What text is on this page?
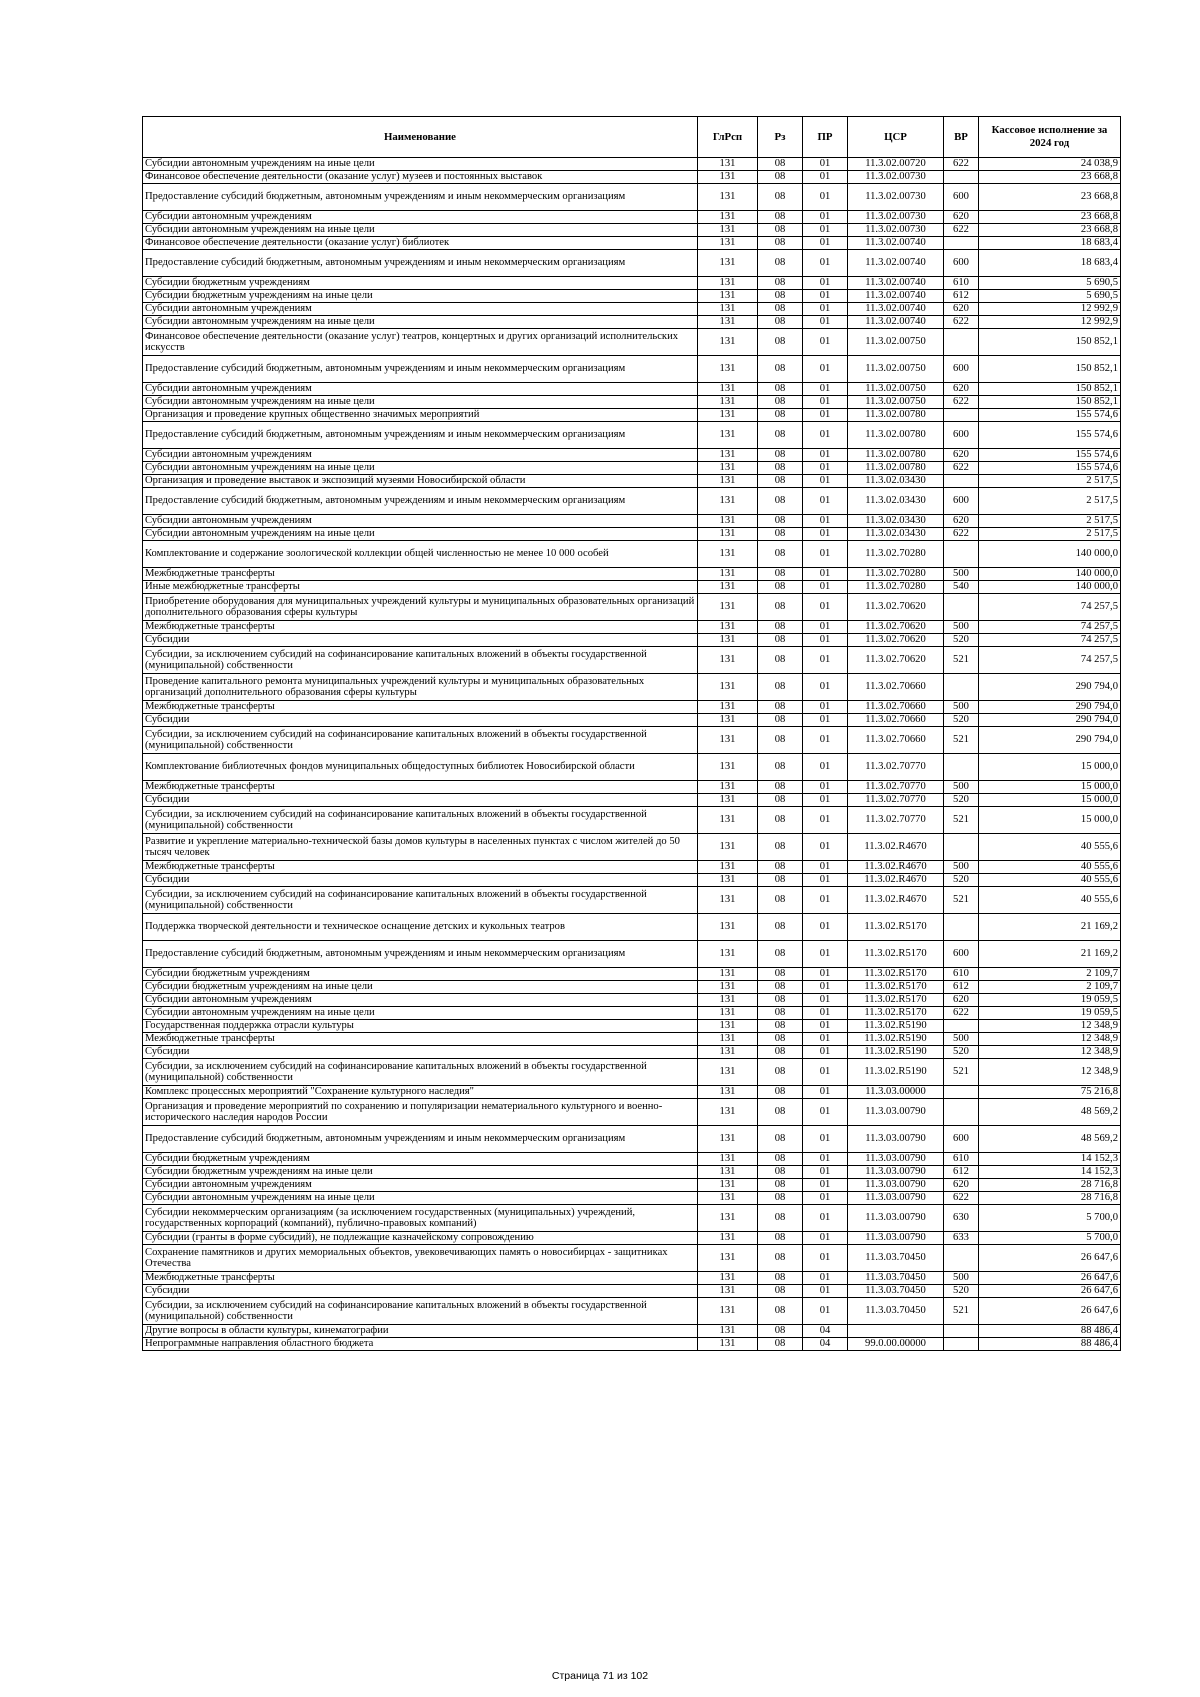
Наименование	ГлРсп	Рз	ПР	ЦСР	ВР	Кассовое исполнение за 2024 год
Субсидии автономным учреждениям на иные цели	131	08	01	11.3.02.00720	622	24 038,9
Финансовое обеспечение деятельности (оказание услуг) музеев и постоянных выставок	131	08	01	11.3.02.00730		23 668,8
Предоставление субсидий бюджетным, автономным учреждениям и иным некоммерческим организациям	131	08	01	11.3.02.00730	600	23 668,8
Субсидии автономным учреждениям	131	08	01	11.3.02.00730	620	23 668,8
Субсидии автономным учреждениям на иные цели	131	08	01	11.3.02.00730	622	23 668,8
Финансовое обеспечение деятельности (оказание услуг) библиотек	131	08	01	11.3.02.00740		18 683,4
Предоставление субсидий бюджетным, автономным учреждениям и иным некоммерческим организациям	131	08	01	11.3.02.00740	600	18 683,4
Субсидии бюджетным учреждениям	131	08	01	11.3.02.00740	610	5 690,5
Субсидии бюджетным учреждениям на иные цели	131	08	01	11.3.02.00740	612	5 690,5
Субсидии автономным учреждениям	131	08	01	11.3.02.00740	620	12 992,9
Субсидии автономным учреждениям на иные цели	131	08	01	11.3.02.00740	622	12 992,9
Финансовое обеспечение деятельности (оказание услуг) театров, концертных и других организаций исполнительских искусств	131	08	01	11.3.02.00750		150 852,1
Предоставление субсидий бюджетным, автономным учреждениям и иным некоммерческим организациям	131	08	01	11.3.02.00750	600	150 852,1
Субсидии автономным учреждениям	131	08	01	11.3.02.00750	620	150 852,1
Субсидии автономным учреждениям на иные цели	131	08	01	11.3.02.00750	622	150 852,1
Организация и проведение крупных общественно значимых мероприятий	131	08	01	11.3.02.00780		155 574,6
Предоставление субсидий бюджетным, автономным учреждениям и иным некоммерческим организациям	131	08	01	11.3.02.00780	600	155 574,6
Субсидии автономным учреждениям	131	08	01	11.3.02.00780	620	155 574,6
Субсидии автономным учреждениям на иные цели	131	08	01	11.3.02.00780	622	155 574,6
Организация и проведение выставок и экспозиций музеями Новосибирской области	131	08	01	11.3.02.03430		2 517,5
Предоставление субсидий бюджетным, автономным учреждениям и иным некоммерческим организациям	131	08	01	11.3.02.03430	600	2 517,5
Субсидии автономным учреждениям	131	08	01	11.3.02.03430	620	2 517,5
Субсидии автономным учреждениям на иные цели	131	08	01	11.3.02.03430	622	2 517,5
Комплектование и содержание зоологической коллекции общей численностью не менее 10 000 особей	131	08	01	11.3.02.70280		140 000,0
Межбюджетные трансферты	131	08	01	11.3.02.70280	500	140 000,0
Иные межбюджетные трансферты	131	08	01	11.3.02.70280	540	140 000,0
Приобретение оборудования для муниципальных учреждений культуры и муниципальных образовательных организаций дополнительного образования сферы культуры	131	08	01	11.3.02.70620		74 257,5
Межбюджетные трансферты	131	08	01	11.3.02.70620	500	74 257,5
Субсидии	131	08	01	11.3.02.70620	520	74 257,5
Субсидии, за исключением субсидий на софинансирование капитальных вложений в объекты государственной (муниципальной) собственности	131	08	01	11.3.02.70620	521	74 257,5
Проведение капитального ремонта муниципальных учреждений культуры и муниципальных образовательных организаций дополнительного образования сферы культуры	131	08	01	11.3.02.70660		290 794,0
Межбюджетные трансферты	131	08	01	11.3.02.70660	500	290 794,0
Субсидии	131	08	01	11.3.02.70660	520	290 794,0
Субсидии, за исключением субсидий на софинансирование капитальных вложений в объекты государственной (муниципальной) собственности	131	08	01	11.3.02.70660	521	290 794,0
Комплектование библиотечных фондов муниципальных общедоступных библиотек Новосибирской области	131	08	01	11.3.02.70770		15 000,0
Межбюджетные трансферты	131	08	01	11.3.02.70770	500	15 000,0
Субсидии	131	08	01	11.3.02.70770	520	15 000,0
Субсидии, за исключением субсидий на софинансирование капитальных вложений в объекты государственной (муниципальной) собственности	131	08	01	11.3.02.70770	521	15 000,0
Развитие и укрепление материально-технической базы домов культуры в населенных пунктах с числом жителей до 50 тысяч человек	131	08	01	11.3.02.R4670		40 555,6
Межбюджетные трансферты	131	08	01	11.3.02.R4670	500	40 555,6
Субсидии	131	08	01	11.3.02.R4670	520	40 555,6
Субсидии, за исключением субсидий на софинансирование капитальных вложений в объекты государственной (муниципальной) собственности	131	08	01	11.3.02.R4670	521	40 555,6
Поддержка творческой деятельности и техническое оснащение детских и кукольных театров	131	08	01	11.3.02.R5170		21 169,2
Предоставление субсидий бюджетным, автономным учреждениям и иным некоммерческим организациям	131	08	01	11.3.02.R5170	600	21 169,2
Субсидии бюджетным учреждениям	131	08	01	11.3.02.R5170	610	2 109,7
Субсидии бюджетным учреждениям на иные цели	131	08	01	11.3.02.R5170	612	2 109,7
Субсидии автономным учреждениям	131	08	01	11.3.02.R5170	620	19 059,5
Субсидии автономным учреждениям на иные цели	131	08	01	11.3.02.R5170	622	19 059,5
Государственная поддержка отрасли культуры	131	08	01	11.3.02.R5190		12 348,9
Межбюджетные трансферты	131	08	01	11.3.02.R5190	500	12 348,9
Субсидии	131	08	01	11.3.02.R5190	520	12 348,9
Субсидии, за исключением субсидий на софинансирование капитальных вложений в объекты государственной (муниципальной) собственности	131	08	01	11.3.02.R5190	521	12 348,9
Комплекс процессных мероприятий "Сохранение культурного наследия"	131	08	01	11.3.03.00000		75 216,8
Организация и проведение мероприятий по сохранению и популяризации нематериального культурного и военно-исторического наследия народов России	131	08	01	11.3.03.00790		48 569,2
Предоставление субсидий бюджетным, автономным учреждениям и иным некоммерческим организациям	131	08	01	11.3.03.00790	600	48 569,2
Субсидии бюджетным учреждениям	131	08	01	11.3.03.00790	610	14 152,3
Субсидии бюджетным учреждениям на иные цели	131	08	01	11.3.03.00790	612	14 152,3
Субсидии автономным учреждениям	131	08	01	11.3.03.00790	620	28 716,8
Субсидии автономным учреждениям на иные цели	131	08	01	11.3.03.00790	622	28 716,8
Субсидии некоммерческим организациям (за исключением государственных (муниципальных) учреждений, государственных корпораций (компаний), публично-правовых компаний)	131	08	01	11.3.03.00790	630	5 700,0
Субсидии (гранты в форме субсидий), не подлежащие казначейскому сопровождению	131	08	01	11.3.03.00790	633	5 700,0
Сохранение памятников и других мемориальных объектов, увековечивающих память о новосибирцах - защитниках Отечества	131	08	01	11.3.03.70450		26 647,6
Межбюджетные трансферты	131	08	01	11.3.03.70450	500	26 647,6
Субсидии	131	08	01	11.3.03.70450	520	26 647,6
Субсидии, за исключением субсидий на софинансирование капитальных вложений в объекты государственной (муниципальной) собственности	131	08	01	11.3.03.70450	521	26 647,6
Другие вопросы в области культуры, кинематографии	131	08	04			88 486,4
Непрограммные направления областного бюджета	131	08	04	99.0.00.00000		88 486,4
Страница 71 из 102
